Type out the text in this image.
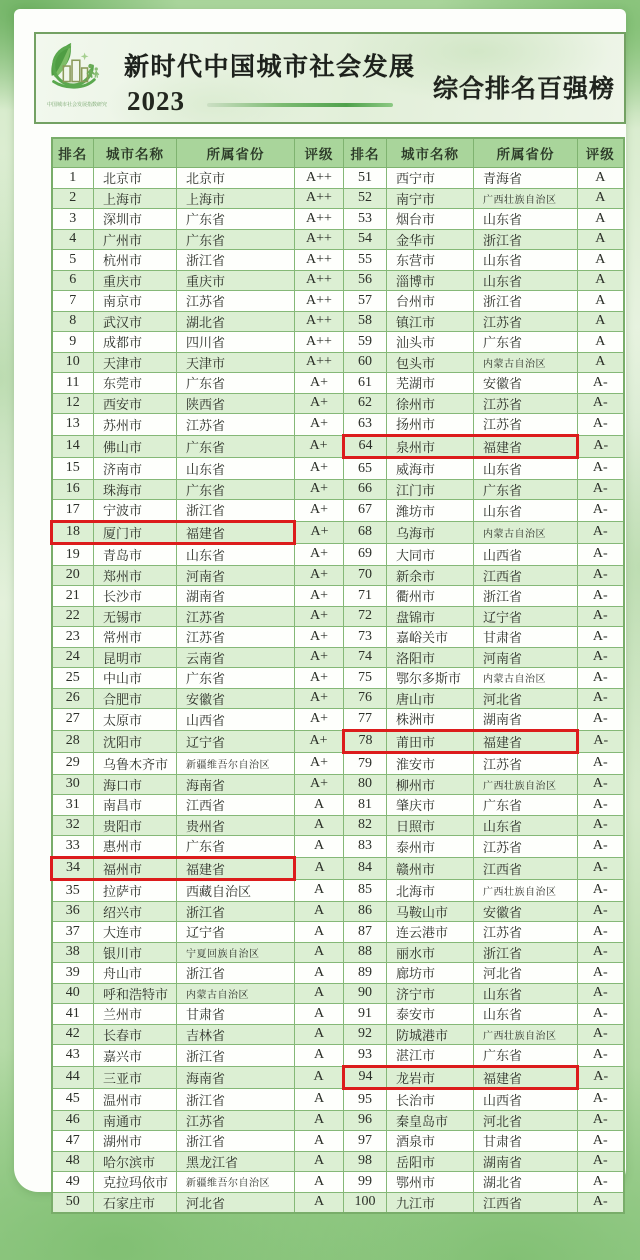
中国城市社会发展指数研究
新时代中国城市社会发展
2023	综合排名百强榜
排名	城市名称	所属省份	评级	排名	城市名称	所属省份	评级
1	北京市	北京市	A++	51	西宁市	青海省	A
2	上海市	上海市	A++	52	南宁市	广西壮族自治区	A
3	深圳市	广东省	A++	53	烟台市	山东省	A
4	广州市	广东省	A++	54	金华市	浙江省	A
5	杭州市	浙江省	A++	55	东营市	山东省	A
6	重庆市	重庆市	A++	56	淄博市	山东省	A
7	南京市	江苏省	A++	57	台州市	浙江省	A
8	武汉市	湖北省	A++	58	镇江市	江苏省	A
9	成都市	四川省	A++	59	汕头市	广东省	A
10	天津市	天津市	A++	60	包头市	内蒙古自治区	A
11	东莞市	广东省	A+	61	芜湖市	安徽省	A-
12	西安市	陕西省	A+	62	徐州市	江苏省	A-
13	苏州市	江苏省	A+	63	扬州市	江苏省	A-
14	佛山市	广东省	A+	64	泉州市	福建省	A-
15	济南市	山东省	A+	65	威海市	山东省	A-
16	珠海市	广东省	A+	66	江门市	广东省	A-
17	宁波市	浙江省	A+	67	潍坊市	山东省	A-
18	厦门市	福建省	A+	68	乌海市	内蒙古自治区	A-
19	青岛市	山东省	A+	69	大同市	山西省	A-
20	郑州市	河南省	A+	70	新余市	江西省	A-
21	长沙市	湖南省	A+	71	衢州市	浙江省	A-
22	无锡市	江苏省	A+	72	盘锦市	辽宁省	A-
23	常州市	江苏省	A+	73	嘉峪关市	甘肃省	A-
24	昆明市	云南省	A+	74	洛阳市	河南省	A-
25	中山市	广东省	A+	75	鄂尔多斯市	内蒙古自治区	A-
26	合肥市	安徽省	A+	76	唐山市	河北省	A-
27	太原市	山西省	A+	77	株洲市	湖南省	A-
28	沈阳市	辽宁省	A+	78	莆田市	福建省	A-
29	乌鲁木齐市	新疆维吾尔自治区	A+	79	淮安市	江苏省	A-
30	海口市	海南省	A+	80	柳州市	广西壮族自治区	A-
31	南昌市	江西省	A	81	肇庆市	广东省	A-
32	贵阳市	贵州省	A	82	日照市	山东省	A-
33	惠州市	广东省	A	83	泰州市	江苏省	A-
34	福州市	福建省	A	84	赣州市	江西省	A-
35	拉萨市	西藏自治区	A	85	北海市	广西壮族自治区	A-
36	绍兴市	浙江省	A	86	马鞍山市	安徽省	A-
37	大连市	辽宁省	A	87	连云港市	江苏省	A-
38	银川市	宁夏回族自治区	A	88	丽水市	浙江省	A-
39	舟山市	浙江省	A	89	廊坊市	河北省	A-
40	呼和浩特市	内蒙古自治区	A	90	济宁市	山东省	A-
41	兰州市	甘肃省	A	91	泰安市	山东省	A-
42	长春市	吉林省	A	92	防城港市	广西壮族自治区	A-
43	嘉兴市	浙江省	A	93	湛江市	广东省	A-
44	三亚市	海南省	A	94	龙岩市	福建省	A-
45	温州市	浙江省	A	95	长治市	山西省	A-
46	南通市	江苏省	A	96	秦皇岛市	河北省	A-
47	湖州市	浙江省	A	97	酒泉市	甘肃省	A-
48	哈尔滨市	黑龙江省	A	98	岳阳市	湖南省	A-
49	克拉玛依市	新疆维吾尔自治区	A	99	鄂州市	湖北省	A-
50	石家庄市	河北省	A	100	九江市	江西省	A-
